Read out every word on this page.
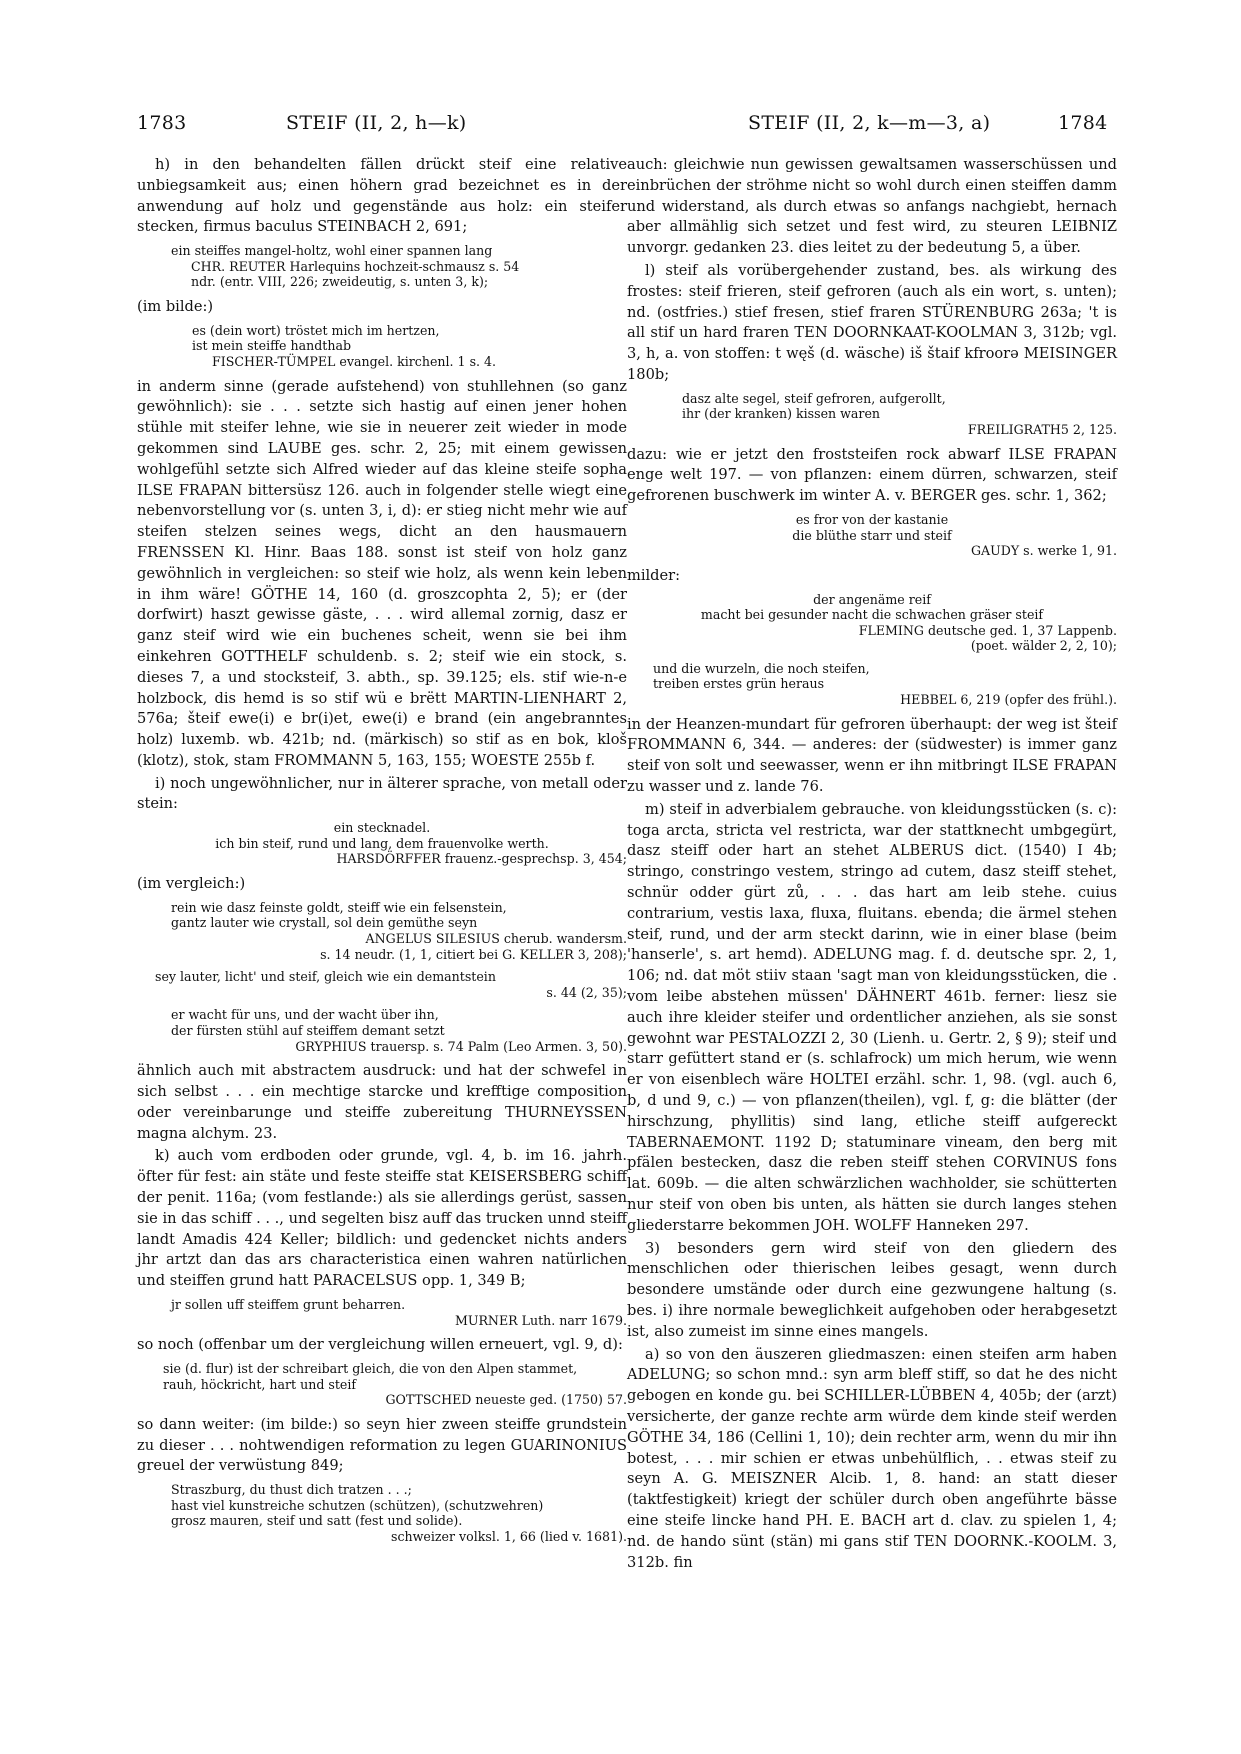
1783	STEIF (II, 2, h—k)	STEIF (II, 2, k—m—3, a)	1784

h) in den behandelten fällen drückt steif eine relative unbiegsamkeit aus; einen höhern grad bezeichnet es in der anwendung auf holz und gegenstände aus holz: ein steifer stecken, firmus baculus STEINBACH 2, 691;

ein steiffes mangel-holtz, wohl einer spannen lang
CHR. REUTER Harlequins hochzeit-schmausz s. 54
ndr. (entr. VIII, 226; zweideutig, s. unten 3, k);

(im bilde:)

es (dein wort) tröstet mich im hertzen,
ist mein steiffe handthab
FISCHER-TÜMPEL evangel. kirchenl. 1 s. 4.

in anderm sinne (gerade aufstehend) von stuhllehnen (so ganz gewöhnlich): sie . . . setzte sich hastig auf einen jener hohen stühle mit steifer lehne, wie sie in neuerer zeit wieder in mode gekommen sind LAUBE ges. schr. 2, 25; mit einem gewissen wohlgefühl setzte sich Alfred wieder auf das kleine steife sopha ILSE FRAPAN bittersüsz 126. auch in folgender stelle wiegt eine nebenvorstellung vor (s. unten 3, i, d): er stieg nicht mehr wie auf steifen stelzen seines wegs, dicht an den hausmauern FRENSSEN Kl. Hinr. Baas 188. sonst ist steif von holz ganz gewöhnlich in vergleichen: so steif wie holz, als wenn kein leben in ihm wäre! GÖTHE 14, 160 (d. groszcophta 2, 5); er (der dorfwirt) haszt gewisse gäste, . . . wird allemal zornig, dasz er ganz steif wird wie ein buchenes scheit, wenn sie bei ihm einkehren GOTTHELF schuldenb. s. 2; steif wie ein stock, s. dieses 7, a und stocksteif, 3. abth., sp. 39.125; els. stif wie-n-e holzbock, dis hemd is so stif wü e brëtt MARTIN-LIENHART 2, 576a; šteif ewe(i) e br(i)et, ewe(i) e brand (ein angebranntes holz) luxemb. wb. 421b; nd. (märkisch) so stif as en bok, kloš (klotz), stok, stam FROMMANN 5, 163, 155; WOESTE 255b f.

i) noch ungewöhnlicher, nur in älterer sprache, von metall oder stein:

ein stecknadel.
ich bin steif, rund und lang, dem frauenvolke werth.
HARSDÖRFFER frauenz.-gesprechsp. 3, 454;

(im vergleich:)

rein wie dasz feinste goldt, steiff wie ein felsenstein,
gantz lauter wie crystall, sol dein gemüthe seyn
ANGELUS SILESIUS cherub. wandersm.
s. 14 neudr. (1, 1, citiert bei G. KELLER 3, 208);
sey lauter, licht' und steif, gleich wie ein demantstein
s. 44 (2, 35);
er wacht für uns, und der wacht über ihn,
der fürsten stühl auf steiffem demant setzt
GRYPHIUS trauersp. s. 74 Palm (Leo Armen. 3, 50).

ähnlich auch mit abstractem ausdruck: und hat der schwefel in sich selbst . . . ein mechtige starcke und krefftige composition oder vereinbarunge und steiffe zubereitung THURNEYSSEN magna alchym. 23.

k) auch vom erdboden oder grunde, vgl. 4, b. im 16. jahrh. öfter für fest: ain stäte und feste steiffe stat KEISERSBERG schiff der penit. 116a; (vom festlande:) als sie allerdings gerüst, sassen sie in das schiff . . ., und segelten bisz auff das trucken unnd steiff landt Amadis 424 Keller; bildlich: und gedencket nichts anders jhr artzt dan das ars characteristica einen wahren natürlichen und steiffen grund hatt PARACELSUS opp. 1, 349 B;

jr sollen uff steiffem grunt beharren.
MURNER Luth. narr 1679.

so noch (offenbar um der vergleichung willen erneuert, vgl. 9, d):

sie (d. flur) ist der schreibart gleich, die von den Alpen stammet,
rauh, höckricht, hart und steif
GOTTSCHED neueste ged. (1750) 57.

so dann weiter: (im bilde:) so seyn hier zween steiffe grundstein zu dieser . . . nohtwendigen reformation zu legen GUARINONIUS greuel der verwüstung 849;

Straszburg, du thust dich tratzen . . .;
hast viel kunstreiche schutzen (schützen), (schutzwehren)
grosz mauren, steif und satt (fest und solide).
schweizer volksl. 1, 66 (lied v. 1681).

auch: gleichwie nun gewissen gewaltsamen wasserschüssen und einbrüchen der ströhme nicht so wohl durch einen steiffen damm und widerstand, als durch etwas so anfangs nachgiebt, hernach aber allmählig sich setzet und fest wird, zu steuren LEIBNIZ unvorgr. gedanken 23. dies leitet zu der bedeutung 5, a über.

l) steif als vorübergehender zustand, bes. als wirkung des frostes: steif frieren, steif gefroren (auch als ein wort, s. unten); nd. (ostfries.) stief fresen, stief fraren STÜRENBURG 263a; 't is all stif un hard fraren TEN DOORNKAAT-KOOLMAN 3, 312b; vgl. 3, h, a. von stoffen: t węš (d. wäsche) iš štaif kfroorə MEISINGER 180b;

dasz alte segel, steif gefroren, aufgerollt,
ihr (der kranken) kissen waren
FREILIGRATH5 2, 125.

dazu: wie er jetzt den froststeifen rock abwarf ILSE FRAPAN enge welt 197. — von pflanzen: einem dürren, schwarzen, steif gefrorenen buschwerk im winter A. v. BERGER ges. schr. 1, 362;

es fror von der kastanie
die blüthe starr und steif
GAUDY s. werke 1, 91.

milder:

der angenäme reif
macht bei gesunder nacht die schwachen gräser steif
FLEMING deutsche ged. 1, 37 Lappenb.
(poet. wälder 2, 2, 10);
und die wurzeln, die noch steifen,
treiben erstes grün heraus
HEBBEL 6, 219 (opfer des frühl.).

in der Heanzen-mundart für gefroren überhaupt: der weg ist šteif FROMMANN 6, 344. — anderes: der (südwester) is immer ganz steif von solt und seewasser, wenn er ihn mitbringt ILSE FRAPAN zu wasser und z. lande 76.

m) steif in adverbialem gebrauche. von kleidungsstücken (s. c): toga arcta, stricta vel restricta, war der stattknecht umbgegürt, dasz steiff oder hart an stehet ALBERUS dict. (1540) I 4b; stringo, constringo vestem, stringo ad cutem, dasz steiff stehet, schnür odder gürt zů, . . . das hart am leib stehe. cuius contrarium, vestis laxa, fluxa, fluitans. ebenda; die ärmel stehen steif, rund, und der arm steckt darinn, wie in einer blase (beim 'hanserle', s. art hemd). ADELUNG mag. f. d. deutsche spr. 2, 1, 106; nd. dat möt stiiv staan 'sagt man von kleidungsstücken, die . vom leibe abstehen müssen' DÄHNERT 461b. ferner: liesz sie auch ihre kleider steifer und ordentlicher anziehen, als sie sonst gewohnt war PESTALOZZI 2, 30 (Lienh. u. Gertr. 2, § 9); steif und starr gefüttert stand er (s. schlafrock) um mich herum, wie wenn er von eisenblech wäre HOLTEI erzähl. schr. 1, 98. (vgl. auch 6, b, d und 9, c.) — von pflanzen(theilen), vgl. f, g: die blätter (der hirschzung, phyllitis) sind lang, etliche steiff aufgereckt TABERNAEMONT. 1192 D; statuminare vineam, den berg mit pfälen bestecken, dasz die reben steiff stehen CORVINUS fons lat. 609b. — die alten schwärzlichen wachholder, sie schütterten nur steif von oben bis unten, als hätten sie durch langes stehen gliederstarre bekommen JOH. WOLFF Hanneken 297.

3) besonders gern wird steif von den gliedern des menschlichen oder thierischen leibes gesagt, wenn durch besondere umstände oder durch eine gezwungene haltung (s. bes. i) ihre normale beweglichkeit aufgehoben oder herabgesetzt ist, also zumeist im sinne eines mangels.

a) so von den äuszeren gliedmaszen: einen steifen arm haben ADELUNG; so schon mnd.: syn arm bleff stiff, so dat he des nicht gebogen en konde gu. bei SCHILLER-LÜBBEN 4, 405b; der (arzt) versicherte, der ganze rechte arm würde dem kinde steif werden GÖTHE 34, 186 (Cellini 1, 10); dein rechter arm, wenn du mir ihn botest, . . . mir schien er etwas unbehülflich, . . etwas steif zu seyn A. G. MEISZNER Alcib. 1, 8. hand: an statt dieser (taktfestigkeit) kriegt der schüler durch oben angeführte bässe eine steife lincke hand PH. E. BACH art d. clav. zu spielen 1, 4; nd. de hando sünt (stän) mi gans stif TEN DOORNK.-KOOLM. 3, 312b. fin
